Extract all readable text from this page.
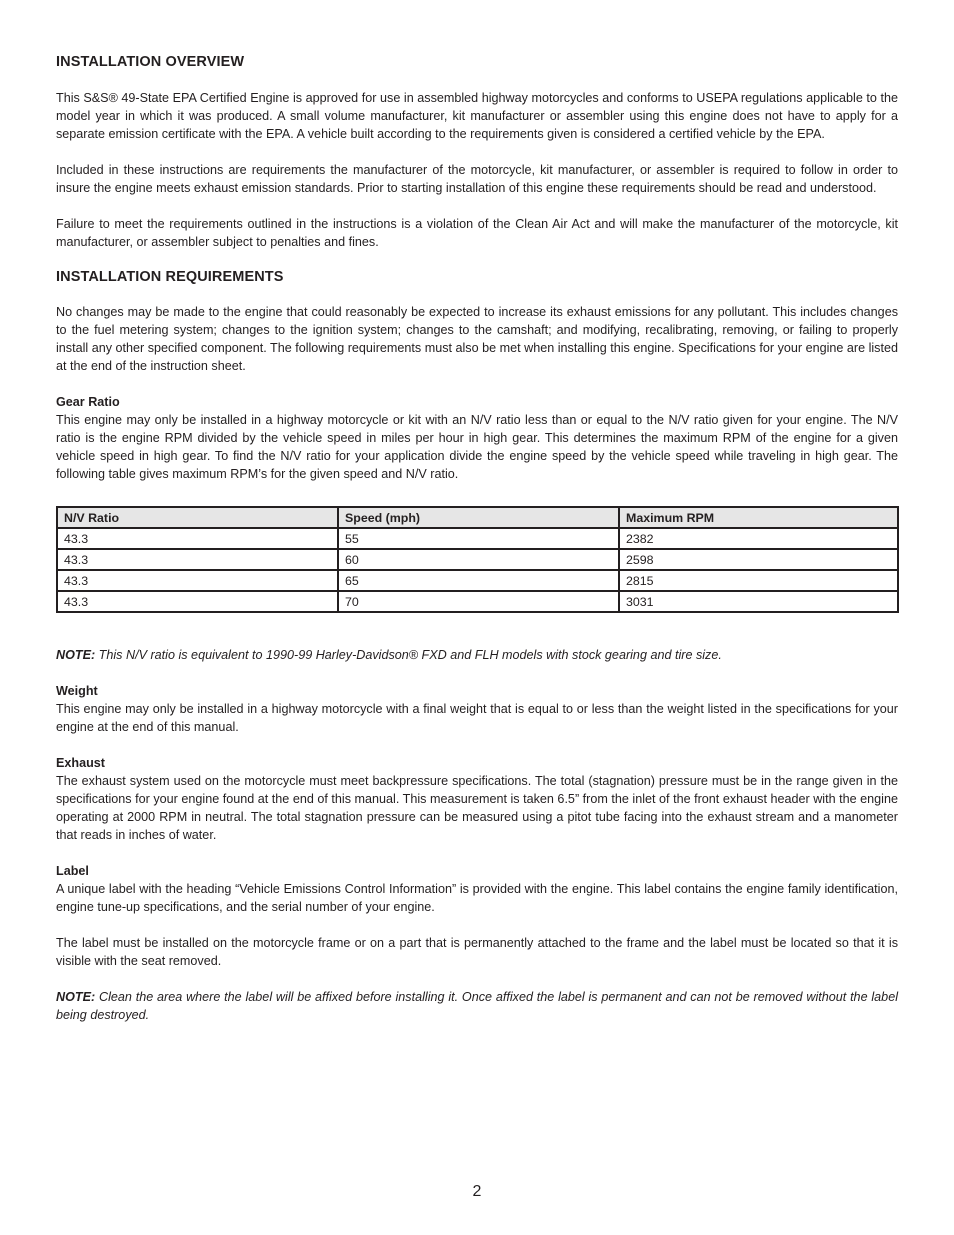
INSTALLATION OVERVIEW

This S&S® 49-State EPA Certified Engine is approved for use in assembled highway motorcycles and conforms to USEPA regulations applicable to the model year in which it was produced. A small volume manufacturer, kit manufacturer or assembler using this engine does not have to apply for a separate emission certificate with the EPA. A vehicle built according to the requirements given is considered a certified vehicle by the EPA.

Included in these instructions are requirements the manufacturer of the motorcycle, kit manufacturer, or assembler is required to follow in order to insure the engine meets exhaust emission standards. Prior to starting installation of this engine these requirements should be read and understood.

Failure to meet the requirements outlined in the instructions is a violation of the Clean Air Act and will make the manufacturer of the motorcycle, kit manufacturer, or assembler subject to penalties and fines.

INSTALLATION REQUIREMENTS

No changes may be made to the engine that could reasonably be expected to increase its exhaust emissions for any pollutant. This includes changes to the fuel metering system; changes to the ignition system; changes to the camshaft; and modifying, recalibrating, removing, or failing to properly install any other specified component. The following requirements must also be met when installing this engine. Specifications for your engine are listed at the end of the instruction sheet.

Gear Ratio

This engine may only be installed in a highway motorcycle or kit with an N/V ratio less than or equal to the N/V ratio given for your engine. The N/V ratio is the engine RPM divided by the vehicle speed in miles per hour in high gear. This determines the maximum RPM of the engine for a given vehicle speed in high gear. To find the N/V ratio for your application divide the engine speed by the vehicle speed while traveling in high gear. The following table gives maximum RPM’s for the given speed and N/V ratio.

N/V Ratio	Speed (mph)	Maximum RPM
43.3	55	2382
43.3	60	2598
43.3	65	2815
43.3	70	3031

NOTE: This N/V ratio is equivalent to 1990-99 Harley-Davidson® FXD and FLH models with stock gearing and tire size.

Weight

This engine may only be installed in a highway motorcycle with a final weight that is equal to or less than the weight listed in the specifications for your engine at the end of this manual.

Exhaust

The exhaust system used on the motorcycle must meet backpressure specifications. The total (stagnation) pressure must be in the range given in the specifications for your engine found at the end of this manual. This measurement is taken 6.5” from the inlet of the front exhaust header with the engine operating at 2000 RPM in neutral. The total stagnation pressure can be measured using a pitot tube facing into the exhaust stream and a manometer that reads in inches of water.

Label

A unique label with the heading “Vehicle Emissions Control Information” is provided with the engine. This label contains the engine family identification, engine tune-up specifications, and the serial number of your engine.

The label must be installed on the motorcycle frame or on a part that is permanently attached to the frame and the label must be located so that it is visible with the seat removed.

NOTE: Clean the area where the label will be affixed before installing it. Once affixed the label is permanent and can not be removed without the label being destroyed.

2
